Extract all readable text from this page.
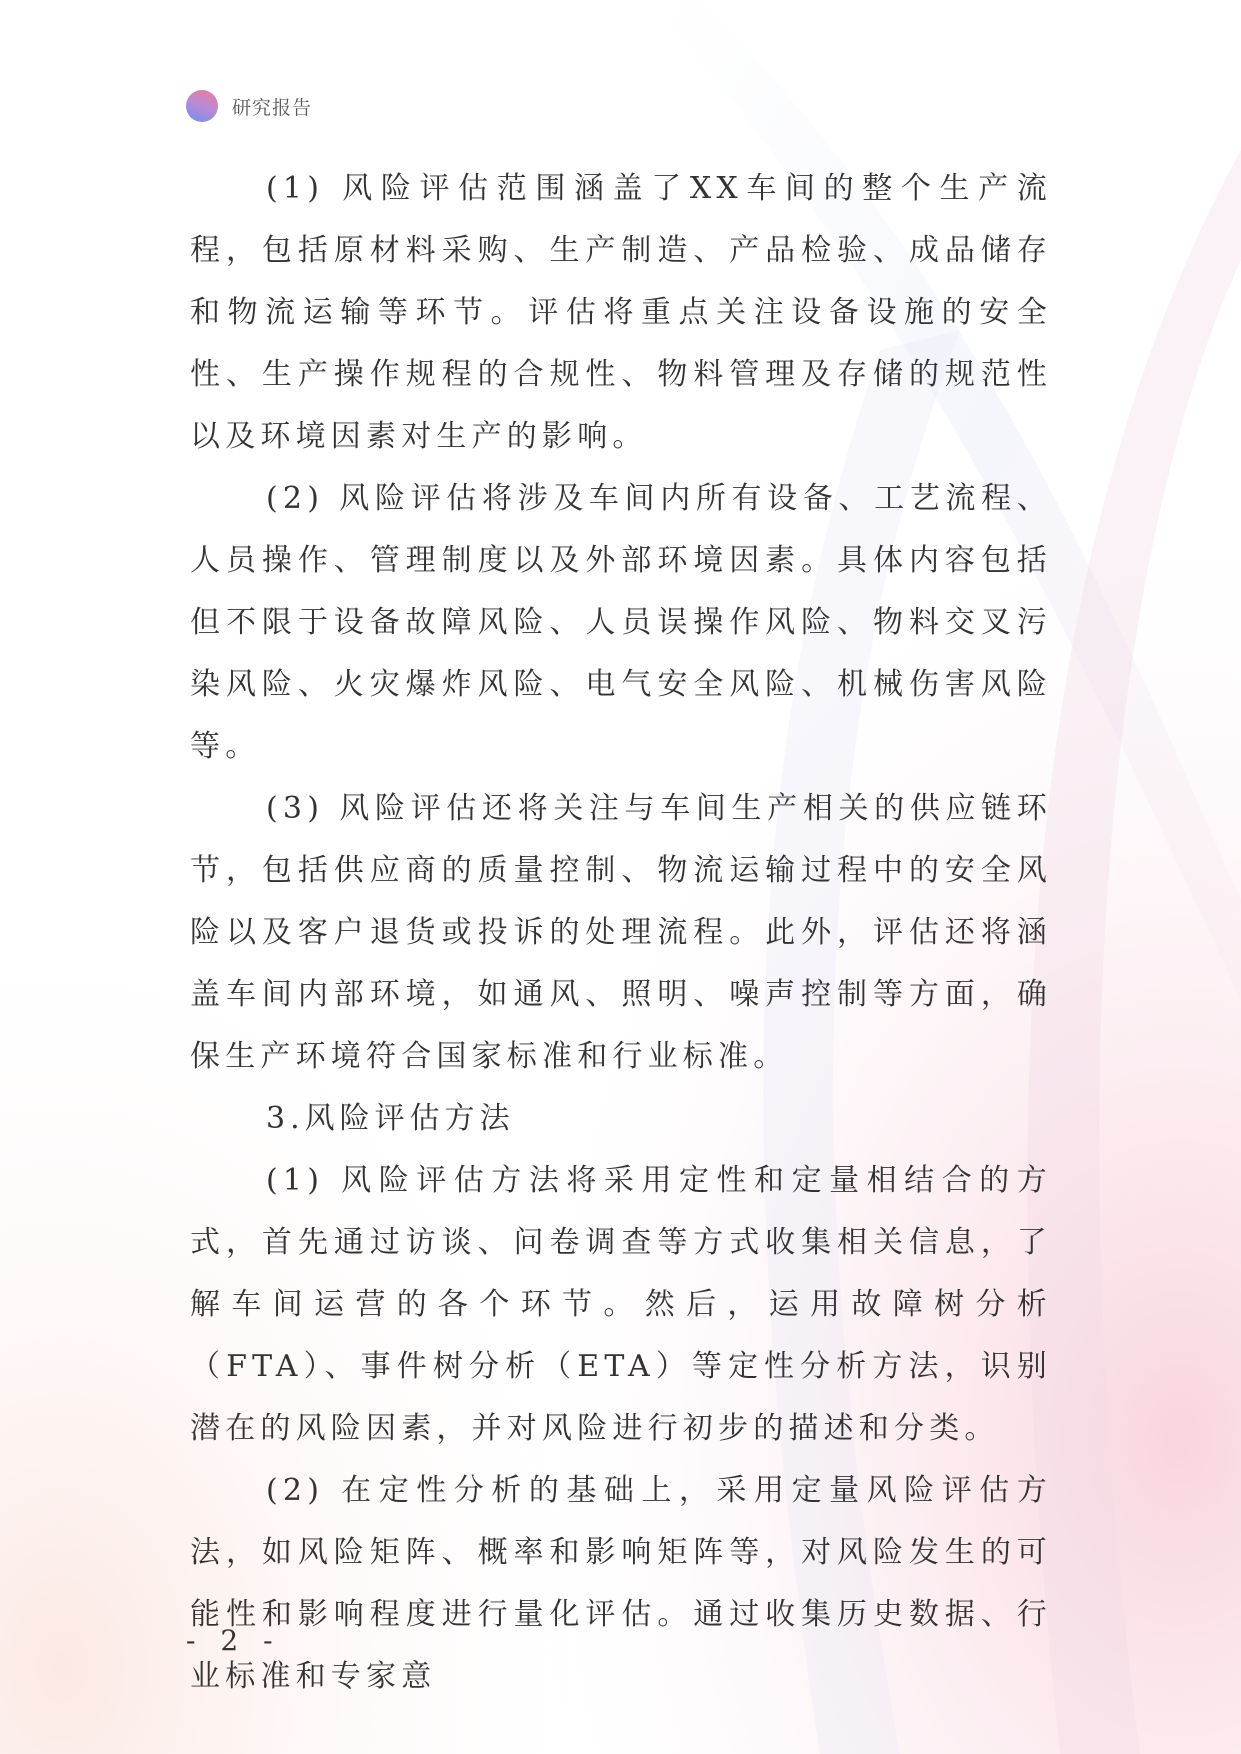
研究报告

(1) 风险评估范围涵盖了XX车间的整个生产流程，包括原材料采购、生产制造、产品检验、成品储存和物流运输等环节。评估将重点关注设备设施的安全性、生产操作规程的合规性、物料管理及存储的规范性以及环境因素对生产的影响。

(2) 风险评估将涉及车间内所有设备、工艺流程、人员操作、管理制度以及外部环境因素。具体内容包括但不限于设备故障风险、人员误操作风险、物料交叉污染风险、火灾爆炸风险、电气安全风险、机械伤害风险等。

(3) 风险评估还将关注与车间生产相关的供应链环节，包括供应商的质量控制、物流运输过程中的安全风险以及客户退货或投诉的处理流程。此外，评估还将涵盖车间内部环境，如通风、照明、噪声控制等方面，确保生产环境符合国家标准和行业标准。

3.风险评估方法

(1) 风险评估方法将采用定性和定量相结合的方式，首先通过访谈、问卷调查等方式收集相关信息，了解车间运营的各个环节。然后，运用故障树分析（FTA）、事件树分析（ETA）等定性分析方法，识别潜在的风险因素，并对风险进行初步的描述和分类。

(2) 在定性分析的基础上，采用定量风险评估方法，如风险矩阵、概率和影响矩阵等，对风险发生的可能性和影响程度进行量化评估。通过收集历史数据、行业标准和专家意

- 2 -
